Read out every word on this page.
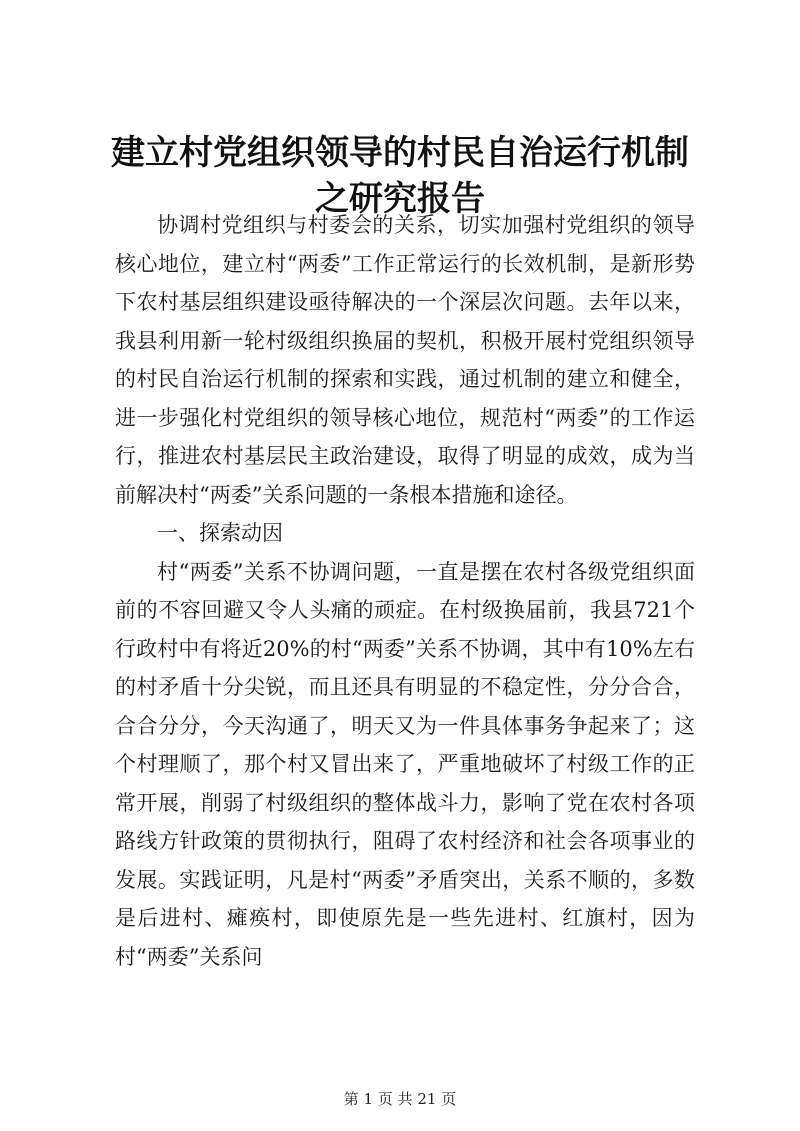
建立村党组织领导的村民自治运行机制之研究报告

协调村党组织与村委会的关系，切实加强村党组织的领导核心地位，建立村“两委”工作正常运行的长效机制，是新形势下农村基层组织建设亟待解决的一个深层次问题。去年以来，我县利用新一轮村级组织换届的契机，积极开展村党组织领导的村民自治运行机制的探索和实践，通过机制的建立和健全，进一步强化村党组织的领导核心地位，规范村“两委”的工作运行，推进农村基层民主政治建设，取得了明显的成效，成为当前解决村“两委”关系问题的一条根本措施和途径。

一、探索动因

村“两委”关系不协调问题，一直是摆在农村各级党组织面前的不容回避又令人头痛的顽症。在村级换届前，我县721个行政村中有将近20%的村“两委”关系不协调，其中有10%左右的村矛盾十分尖锐，而且还具有明显的不稳定性，分分合合，合合分分，今天沟通了，明天又为一件具体事务争起来了；这个村理顺了，那个村又冒出来了，严重地破坏了村级工作的正常开展，削弱了村级组织的整体战斗力，影响了党在农村各项路线方针政策的贯彻执行，阻碍了农村经济和社会各项事业的发展。实践证明，凡是村“两委”矛盾突出，关系不顺的，多数是后进村、瘫痪村，即使原先是一些先进村、红旗村，因为村“两委”关系问

第 1 页 共 21 页
